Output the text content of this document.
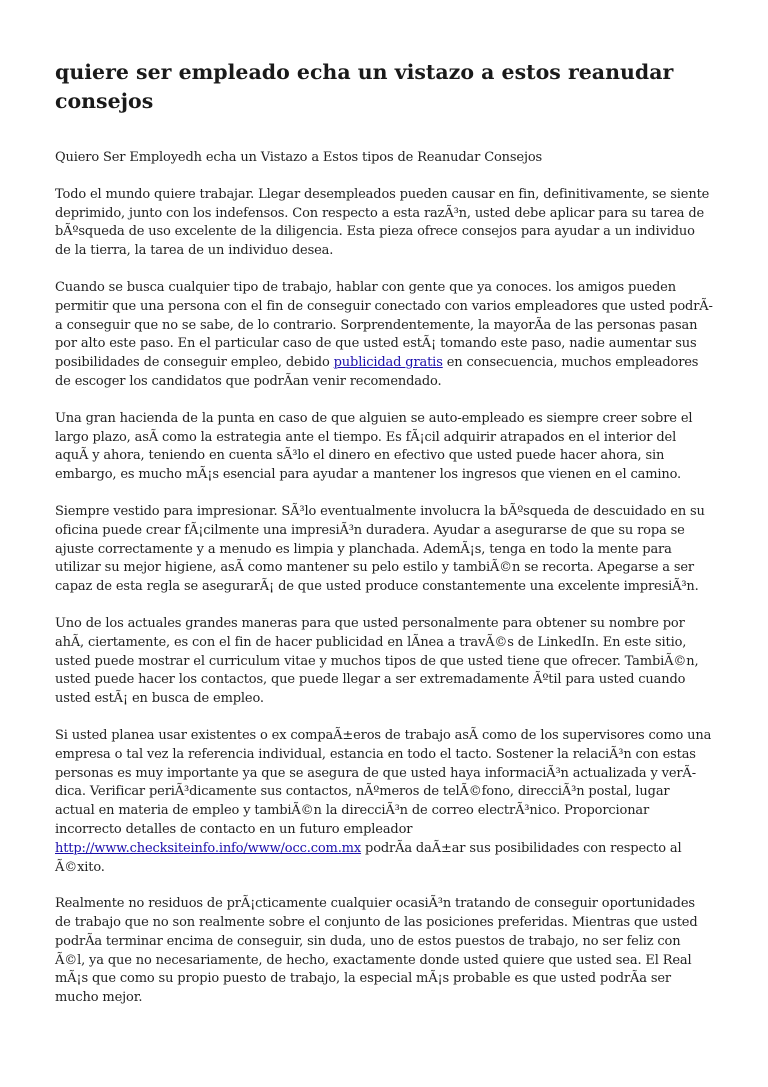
quiere ser empleado echa un vistazo a estos reanudar consejos

Quiero Ser Employedh echa un Vistazo a Estos tipos de Reanudar Consejos

Todo el mundo quiere trabajar. Llegar desempleados pueden causar en fin, definitivamente, se siente deprimido, junto con los indefensos. Con respecto a esta razÃ³n, usted debe aplicar para su tarea de bÃºsqueda de uso excelente de la diligencia. Esta pieza ofrece consejos para ayudar a un individuo de la tierra, la tarea de un individuo desea.

Cuando se busca cualquier tipo de trabajo, hablar con gente que ya conoces. los amigos pueden permitir que una persona con el fin de conseguir conectado con varios empleadores que usted podrÃa conseguir que no se sabe, de lo contrario. Sorprendentemente, la mayorÃa de las personas pasan por alto este paso. En el particular caso de que usted estÃ¡ tomando este paso, nadie aumentar sus posibilidades de conseguir empleo, debido publicidad gratis en consecuencia, muchos empleadores de escoger los candidatos que podrÃan venir recomendado.

Una gran hacienda de la punta en caso de que alguien se auto-empleado es siempre creer sobre el largo plazo, asÃ como la estrategia ante el tiempo. Es fÃ¡cil adquirir atrapados en el interior del aquÃ y ahora, teniendo en cuenta sÃ³lo el dinero en efectivo que usted puede hacer ahora, sin embargo, es mucho mÃ¡s esencial para ayudar a mantener los ingresos que vienen en el camino.

Siempre vestido para impresionar. SÃ³lo eventualmente involucra la bÃºsqueda de descuidado en su oficina puede crear fÃ¡cilmente una impresiÃ³n duradera. Ayudar a asegurarse de que su ropa se ajuste correctamente y a menudo es limpia y planchada. AdemÃ¡s, tenga en todo la mente para utilizar su mejor higiene, asÃ como mantener su pelo estilo y tambiÃ©n se recorta. Apegarse a ser capaz de esta regla se asegurarÃ¡ de que usted produce constantemente una excelente impresiÃ³n.

Uno de los actuales grandes maneras para que usted personalmente para obtener su nombre por ahÃ, ciertamente, es con el fin de hacer publicidad en lÃnea a travÃ©s de LinkedIn. En este sitio, usted puede mostrar el curriculum vitae y muchos tipos de que usted tiene que ofrecer. TambiÃ©n, usted puede hacer los contactos, que puede llegar a ser extremadamente Ãºtil para usted cuando usted estÃ¡ en busca de empleo.

Si usted planea usar existentes o ex compaÃ±eros de trabajo asÃ como de los supervisores como una empresa o tal vez la referencia individual, estancia en todo el tacto. Sostener la relaciÃ³n con estas personas es muy importante ya que se asegura de que usted haya informaciÃ³n actualizada y verÃdica. Verificar periÃ³dicamente sus contactos, nÃºmeros de telÃ©fono, direcciÃ³n postal, lugar actual en materia de empleo y tambiÃ©n la direcciÃ³n de correo electrÃ³nico. Proporcionar incorrecto detalles de contacto en un futuro empleador http://www.checksiteinfo.info/www/occ.com.mx podrÃa daÃ±ar sus posibilidades con respecto al Ã©xito.

Realmente no residuos de prÃ¡cticamente cualquier ocasiÃ³n tratando de conseguir oportunidades de trabajo que no son realmente sobre el conjunto de las posiciones preferidas. Mientras que usted podrÃa terminar encima de conseguir, sin duda, uno de estos puestos de trabajo, no ser feliz con Ã©l, ya que no necesariamente, de hecho, exactamente donde usted quiere que usted sea. El Real mÃ¡s que como su propio puesto de trabajo, la especial mÃ¡s probable es que usted podrÃa ser mucho mejor.
